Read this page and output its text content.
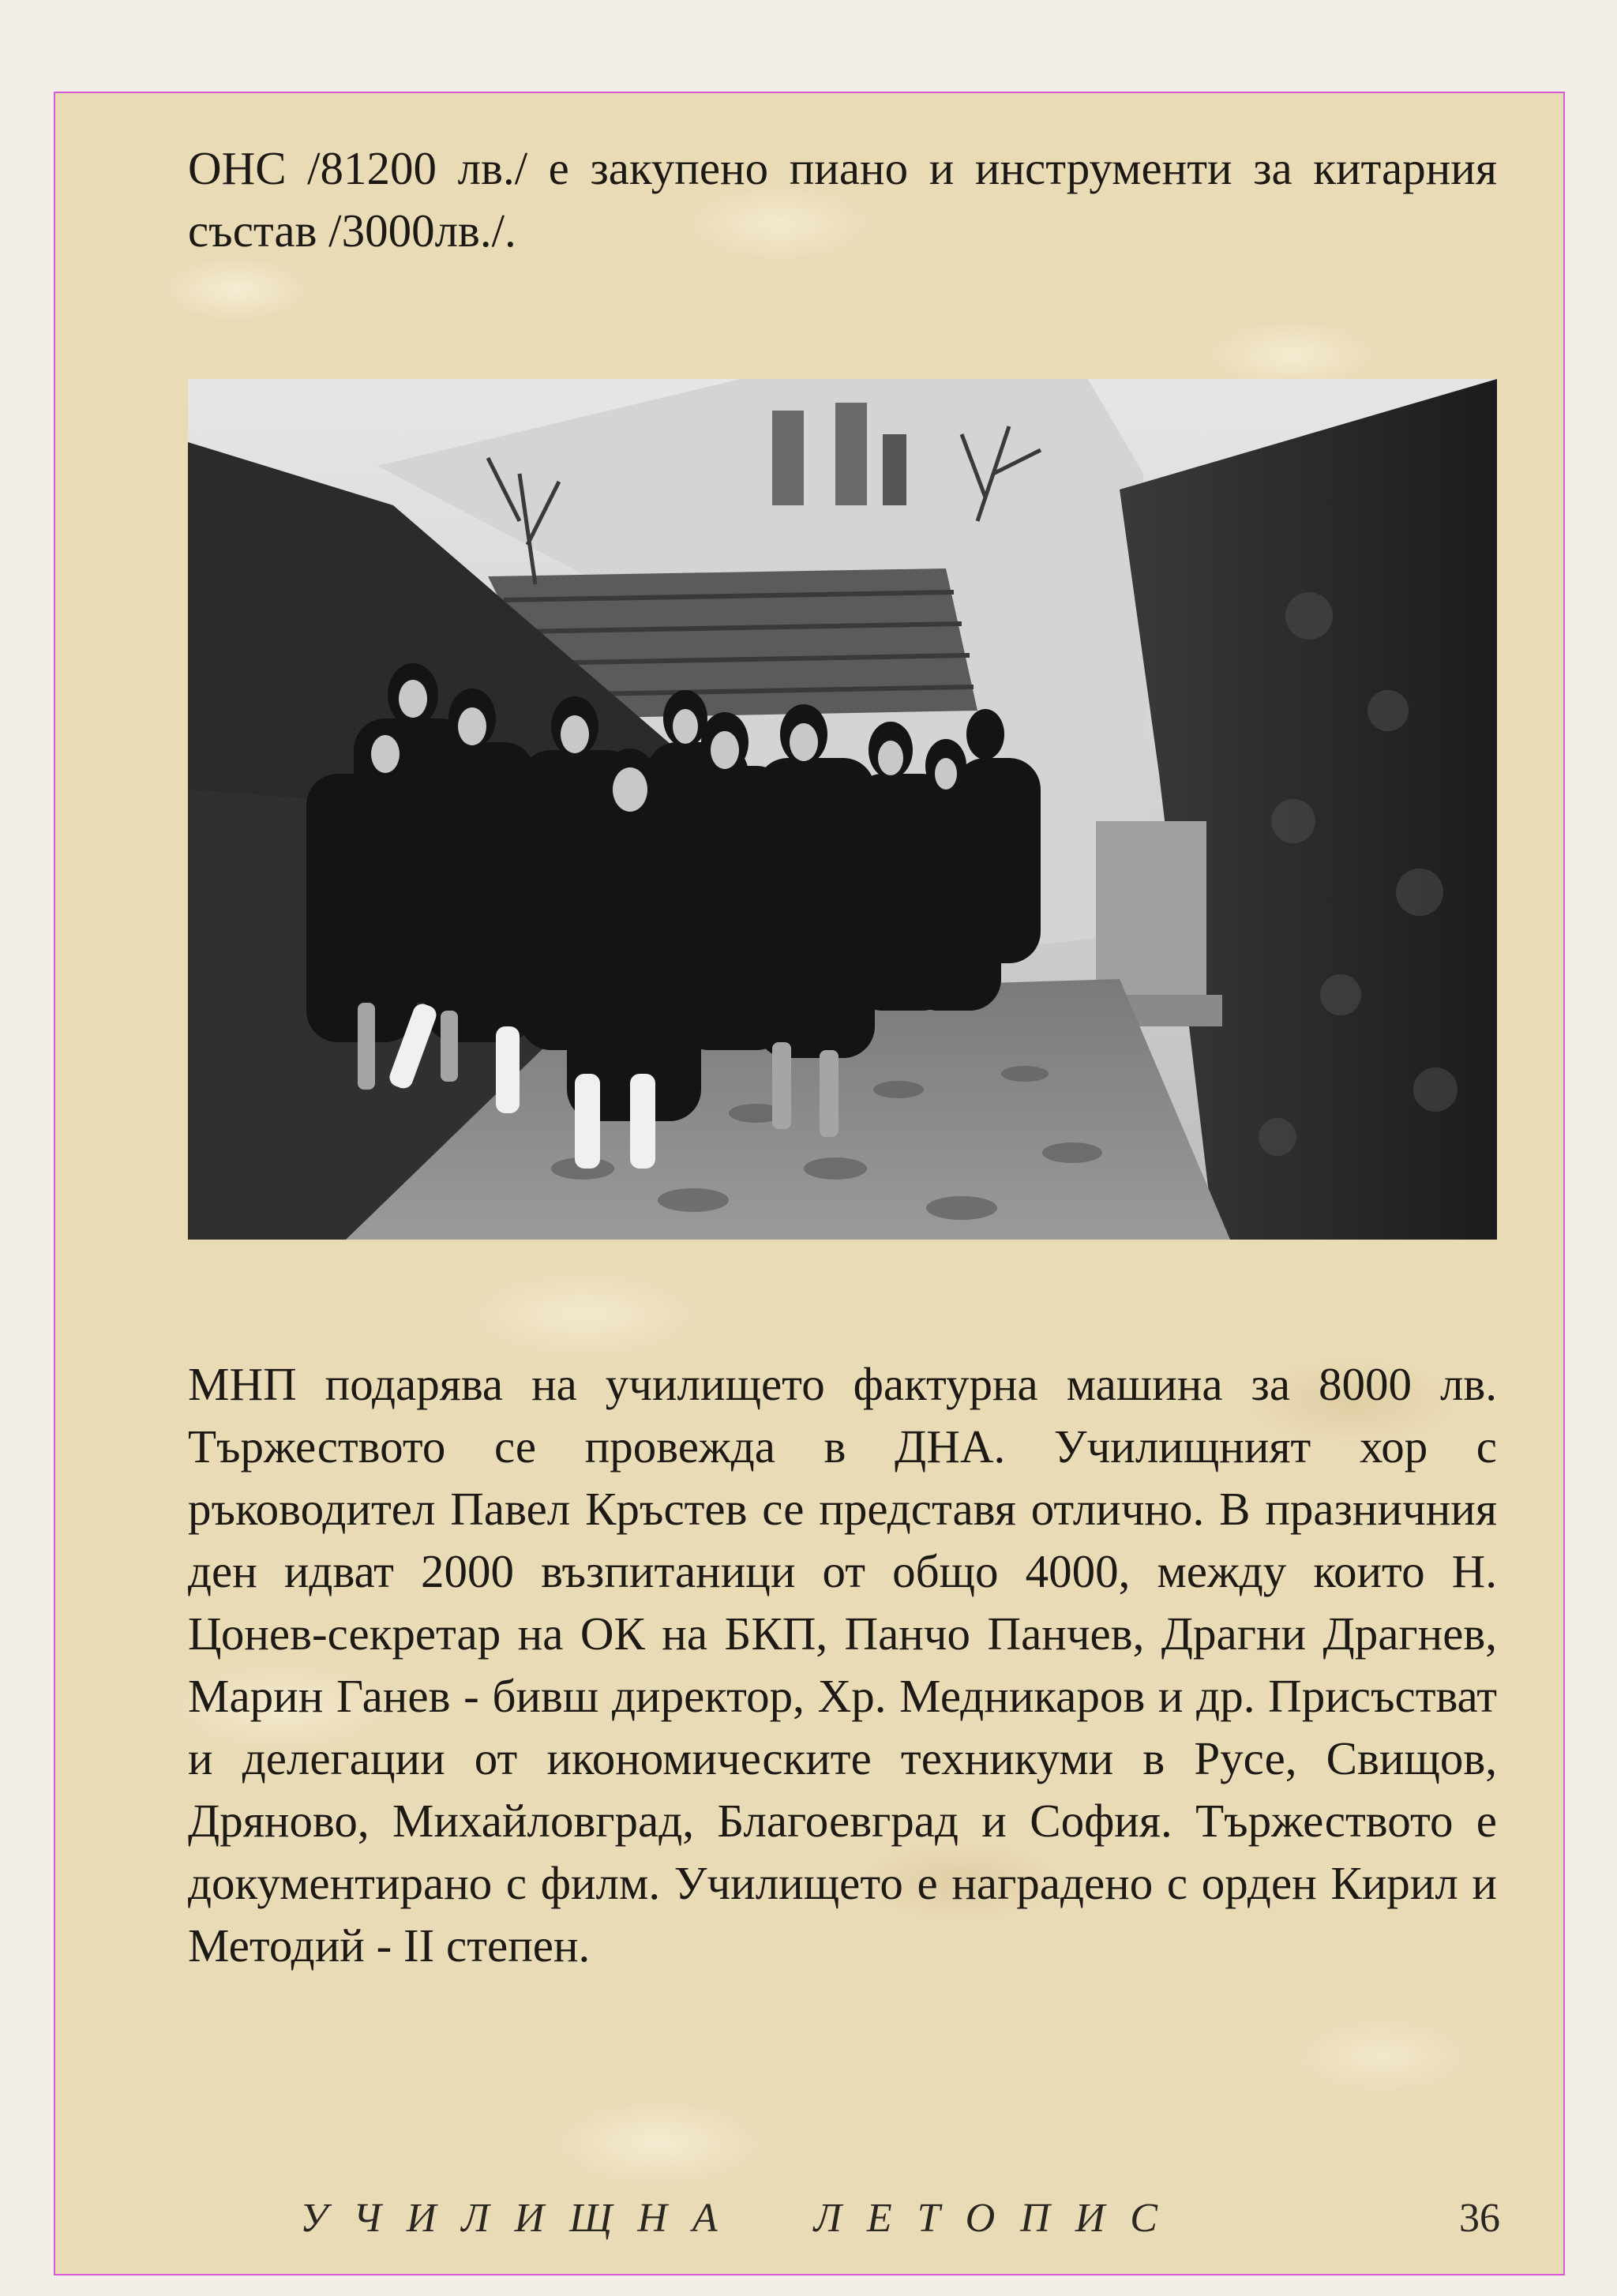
ОНС /81200 лв./ е закупено пиано и инструменти за китарния състав /3000лв./.

МНП подарява на училището фактурна машина за 8000 лв. Тържеството се провежда в ДНА. Училищният хор с ръководител Павел Кръстев се представя отлично. В празничния ден идват 2000 възпитаници от общо 4000, между които Н. Цонев-секретар на ОК на БКП, Панчо Панчев, Драгни Драгнев, Марин Ганев - бивш директор, Хр. Медникаров и др. Присъстват и делегации от икономическите техникуми в Русе, Свищов, Дряново, Михайловград, Благоевград и София. Тържеството е документирано с филм. Училището е наградено с орден Кирил и Методий - II степен.

УЧИЛИЩНА  ЛЕТОПИС	36
